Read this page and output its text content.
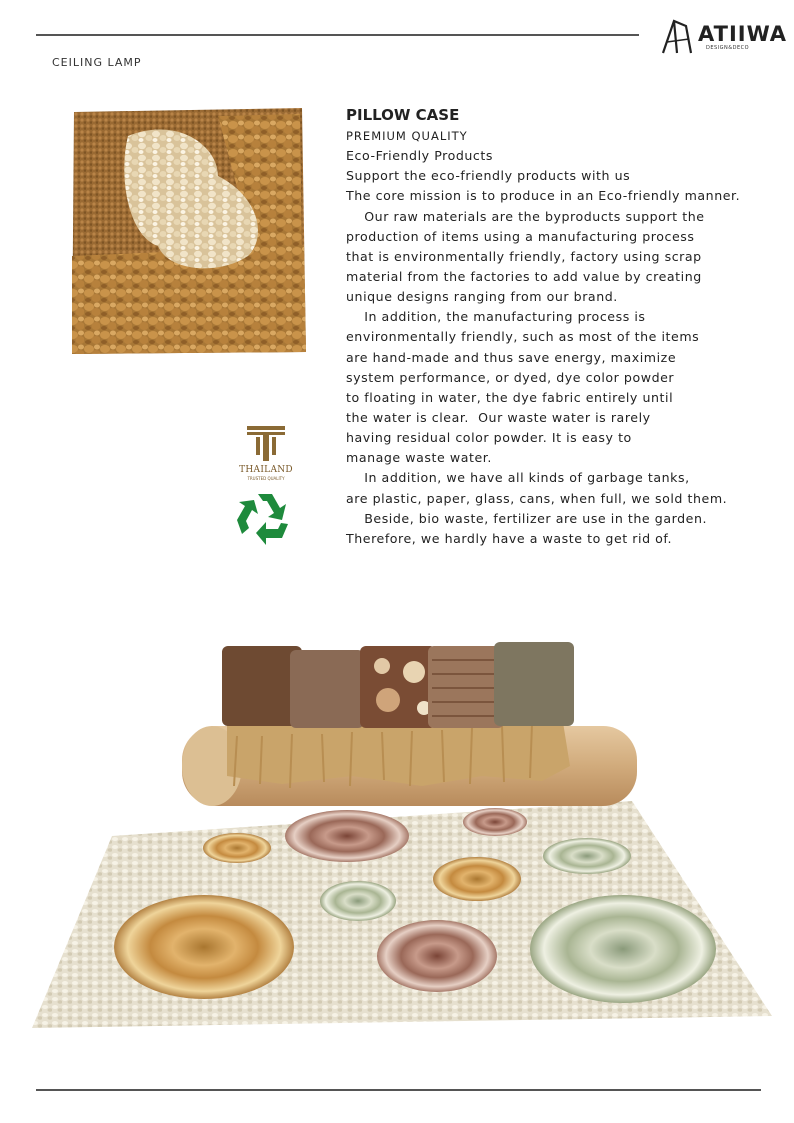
ATIIWA
DESIGN&DECO
CEILING LAMP
THAILAND
TRUSTED QUALITY
PILLOW CASE
PREMIUM QUALITY
Eco-Friendly Products
Support the eco-friendly products with us
The core mission is to produce in an Eco-friendly manner.
Our raw materials are the byproducts support the
production of items using a manufacturing process
that is environmentally friendly, factory using scrap
material from the factories to add value by creating
unique designs ranging from our brand.
In addition, the manufacturing process is
environmentally friendly, such as most of the items
are hand-made and thus save energy, maximize
system performance, or dyed, dye color powder
to floating in water, the dye fabric entirely until
the water is clear.  Our waste water is rarely
having residual color powder. It is easy to
manage waste water.
In addition, we have all kinds of garbage tanks,
are plastic, paper, glass, cans, when full, we sold them.
Beside, bio waste, fertilizer are use in the garden.
Therefore, we hardly have a waste to get rid of.
